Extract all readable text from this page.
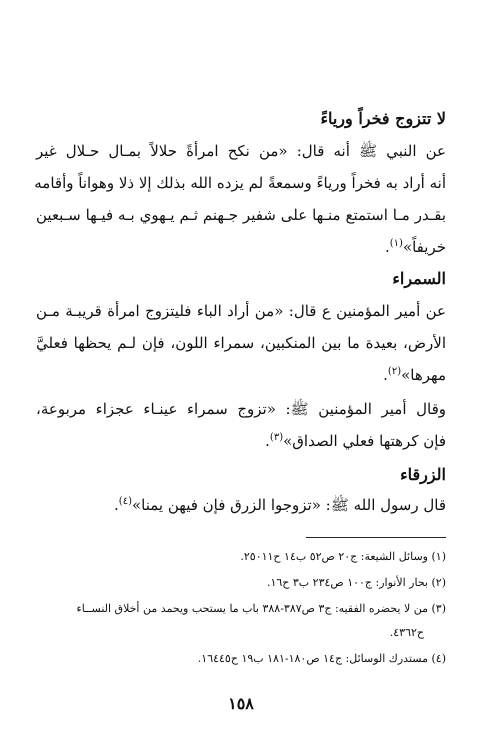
لا تتزوج فخراً ورياءً
عن النبي ﷺ أنه قال: «من نكح امرأةً حلالاً بمـال حـلال غير
أنه أراد به فخراً ورياءً وسمعةً لم يزده الله بذلك إلا ذلا وهواناً وأقامه
بقـدر مـا استمتع منـها على شفير جـهنم ثـم يـهوي بـه فيـها سـبعين
خريفاً»$^{(١)}$.
السمراء
عن أمير المؤمنين ع قال: «من أراد الباء فليتزوج امرأة قريبـة مـن
الأرض، بعيدة ما بين المنكبين، سمراء اللون، فإن لـم يحظها فعليَّ
مهرها»$^{(٢)}$.
وقال أمير المؤمنين ﷺ: «تزوج سمراء عينـاء عجزاء مربوعة،
فإن كرهتها فعلي الصداق»$^{(٣)}$.
الزرقاء
قال رسول الله ﷺ: «تزوجوا الزرق فإن فيهن يمنا»$^{(٤)}$.
(١) وسائل الشيعة: ج٢٠ ص٥٢ ب١٤ ح٢٥٠١١.
(٢) بحار الأنوار: ج١٠٠ ص٢٣٤ ب٣ ح١٦.
(٣) من لا يحضره الفقيه: ج٣ ص٣٨٧-٣٨٨ باب ما يستحب ويحمد من أخلاق النســاء
ح٤٣٦٢.
(٤) مستدرك الوسائل: ج١٤ ص١٨٠-١٨١ ب١٩ ح١٦٤٤٥.
١٥٨
